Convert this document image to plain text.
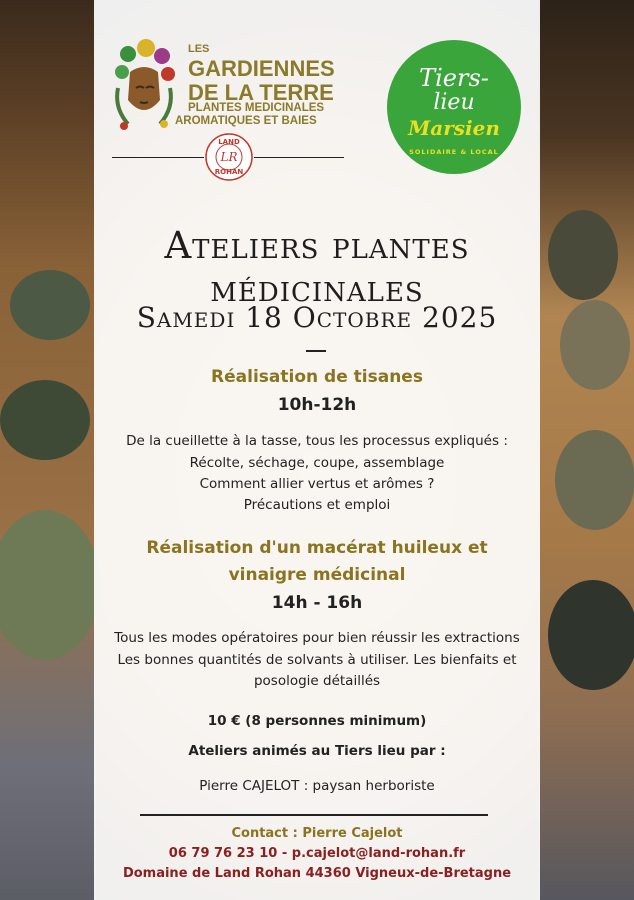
LES
GARDIENNES
DE LA TERRE
PLANTES MEDICINALES
AROMATIQUES ET BAIES
LAND
LR
ROHAN
Tiers-
lieu
Marsien
SOLIDAIRE & LOCAL
Ateliers plantes médicinales
Samedi 18 Octobre 2025
Réalisation de tisanes
10h-12h
De la cueillette à la tasse, tous les processus expliqués :
Récolte, séchage, coupe, assemblage
Comment allier vertus et arômes ?
Précautions et emploi
Réalisation d'un macérat huileux et
vinaigre médicinal
14h - 16h
Tous les modes opératoires pour bien réussir les extractions
Les bonnes quantités de solvants à utiliser. Les bienfaits et
posologie détaillés
10 € (8 personnes minimum)
Ateliers animés au Tiers lieu par :
Pierre CAJELOT : paysan herboriste
Contact : Pierre Cajelot
06 79 76 23 10 - p.cajelot@land-rohan.fr
Domaine de Land Rohan 44360 Vigneux-de-Bretagne
